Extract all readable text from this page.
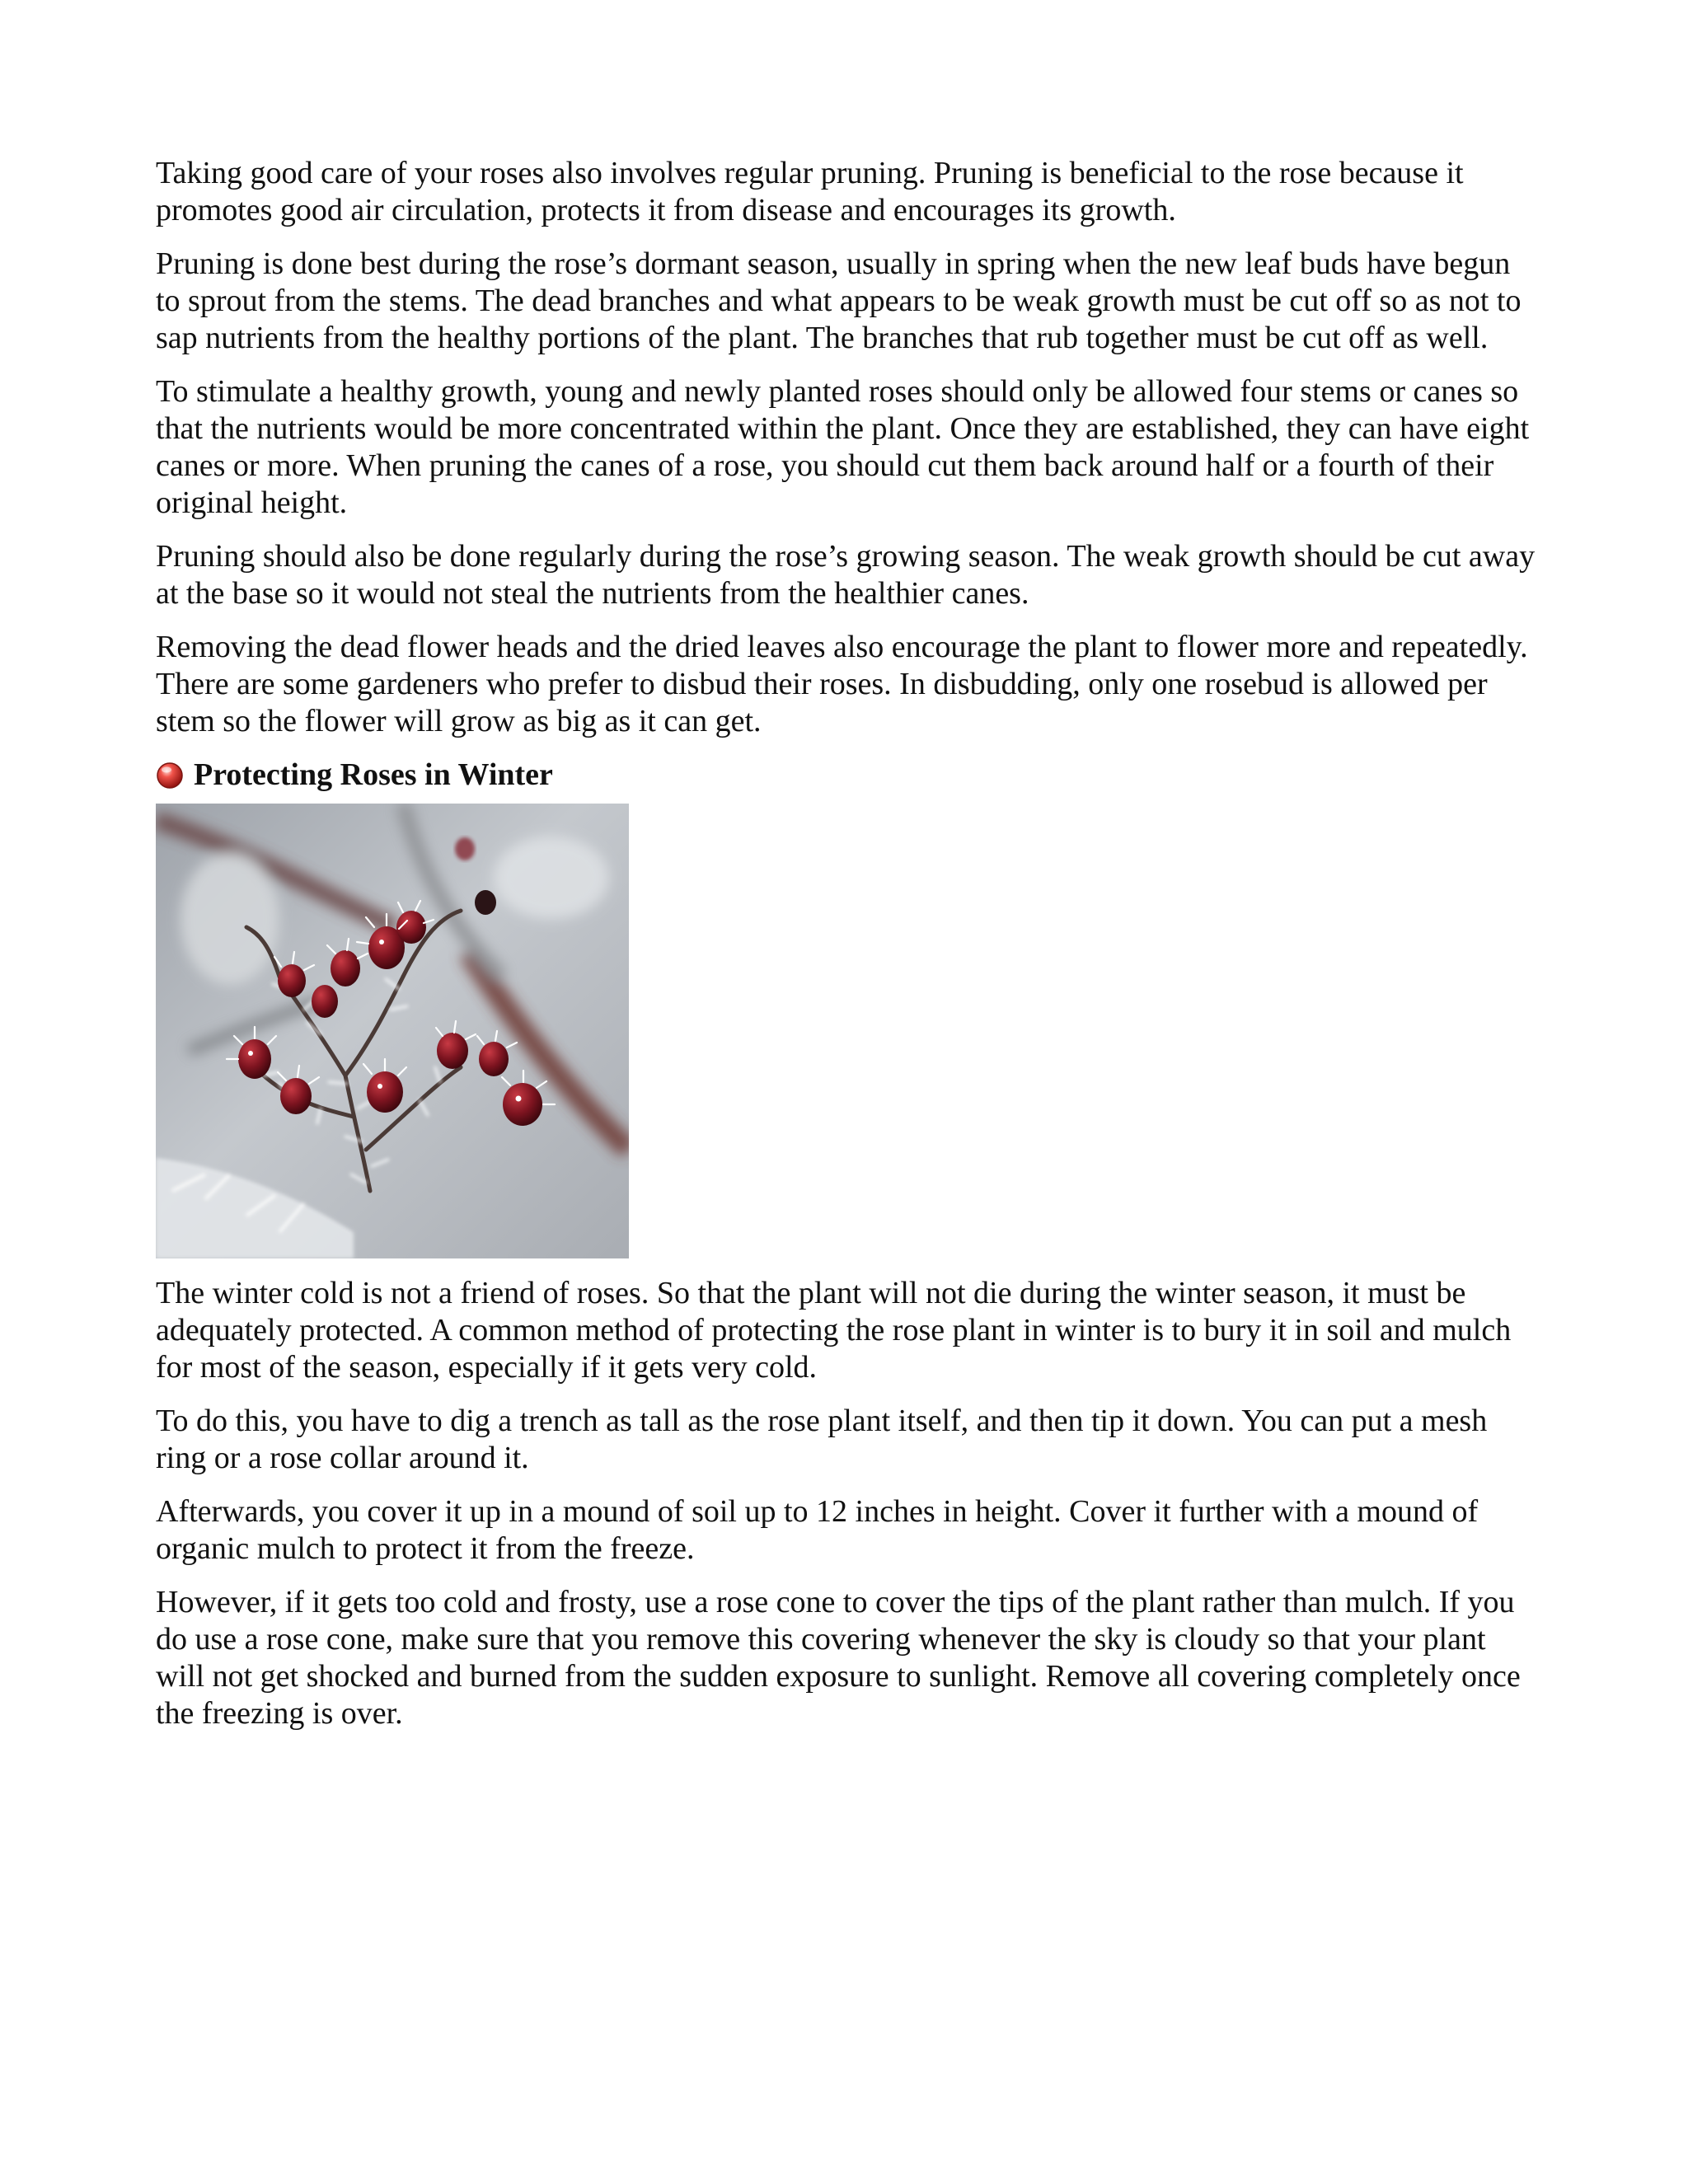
Taking good care of your roses also involves regular pruning. Pruning is beneficial to the rose because it promotes good air circulation, protects it from disease and encourages its growth.

Pruning is done best during the rose’s dormant season, usually in spring when the new leaf buds have begun to sprout from the stems. The dead branches and what appears to be weak growth must be cut off so as not to sap nutrients from the healthy portions of the plant. The branches that rub together must be cut off as well.

To stimulate a healthy growth, young and newly planted roses should only be allowed four stems or canes so that the nutrients would be more concentrated within the plant. Once they are established, they can have eight canes or more. When pruning the canes of a rose, you should cut them back around half or a fourth of their original height.

Pruning should also be done regularly during the rose’s growing season. The weak growth should be cut away at the base so it would not steal the nutrients from the healthier canes.

Removing the dead flower heads and the dried leaves also encourage the plant to flower more and repeatedly. There are some gardeners who prefer to disbud their roses. In disbudding, only one rosebud is allowed per stem so the flower will grow as big as it can get.

Protecting Roses in Winter

The winter cold is not a friend of roses. So that the plant will not die during the winter season, it must be adequately protected. A common method of protecting the rose plant in winter is to bury it in soil and mulch for most of the season, especially if it gets very cold.

To do this, you have to dig a trench as tall as the rose plant itself, and then tip it down. You can put a mesh ring or a rose collar around it.

Afterwards, you cover it up in a mound of soil up to 12 inches in height. Cover it further with a mound of organic mulch to protect it from the freeze.

However, if it gets too cold and frosty, use a rose cone to cover the tips of the plant rather than mulch. If you do use a rose cone, make sure that you remove this covering whenever the sky is cloudy so that your plant will not get shocked and burned from the sudden exposure to sunlight. Remove all covering completely once the freezing is over.
